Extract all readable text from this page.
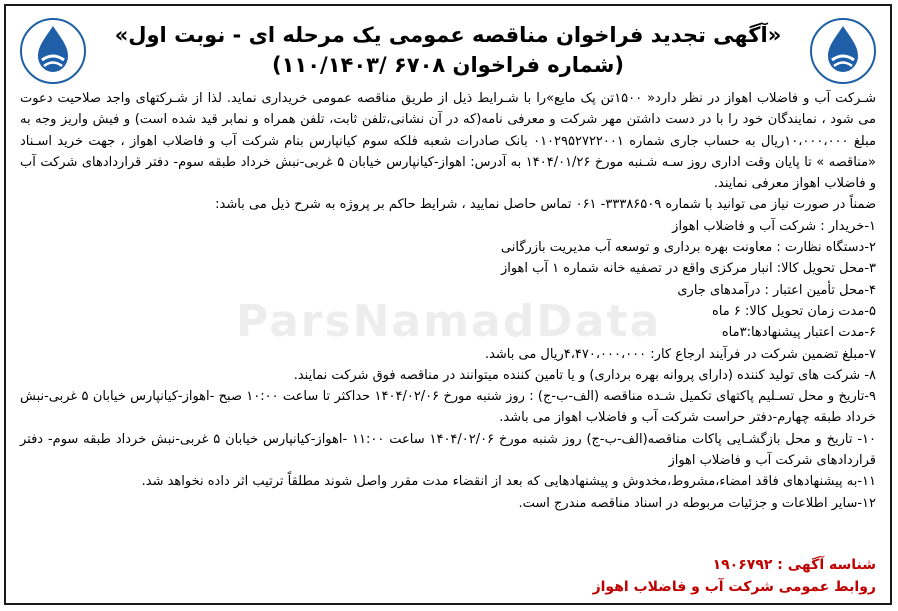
ParsNamadData
«آگهی تجدید فراخوان مناقصه عمومی یک مرحله ای - نوبت اول»
(شماره فراخوان ۶۷۰۸ /۱۱۰/۱۴۰۳)

شـرکت آب و فاضلاب اهواز در نظر دارد« ۱۵۰۰تن پک مایع»را با شـرایط ذیل از طریق مناقصه عمومی خریداری نماید. لذا از شـرکتهای واجد صلاحیت دعوت می شود ، نمایندگان خود را با در دست داشتن مهر شرکت و معرفی نامه(که در آن نشانی،تلفن ثابت، تلفن همراه و نمابر قید شده است) و فیش واریز وجه به مبلغ ۱۰،۰۰۰،۰۰۰ریال به حساب جاری شماره ۰۱۰۲۹۵۲۷۲۲۰۰۱ بانک صادرات شعبه فلکه سوم کیانپارس بنام شرکت آب و فاضلاب اهواز ، جهت خرید اسـناد «مناقصه » تا پایان وقت اداری روز سـه شـنبه مورخ ۱۴۰۴/۰۱/۲۶ به آدرس: اهواز-کیانپارس خیابان ۵ غربی-نبش خرداد طبقه سوم- دفتر قراردادهای شرکت آب و فاضلاب اهواز معرفی نمایند.

ضمناً در صورت نیاز می توانید با شماره ۳۳۳۸۶۵۰۹- ۰۶۱ تماس حاصل نمایید ، شرایط حاکم بر پروژه به شرح ذیل می باشد:

۱-خریدار : شرکت آب و فاضلاب اهواز

۲-دستگاه نظارت : معاونت بهره برداری و توسعه آب مدیریت بازرگانی

۳-محل تحویل کالا: انبار مرکزی واقع در تصفیه خانه شماره ۱ آب اهواز

۴-محل تأمین اعتبار : درآمدهای جاری

۵-مدت زمان تحویل کالا: ۶ ماه

۶-مدت اعتبار پیشنهادها:۳ماه

۷-مبلغ تضمین شرکت در فرآیند ارجاع کار: ۴،۴۷۰،۰۰۰،۰۰۰ریال می باشد.

۸- شرکت های تولید کننده (دارای پروانه بهره برداری) و یا تامین کننده میتوانند در مناقصه فوق شرکت نمایند.

۹-تاریخ و محل تسـلیم پاکتهای تکمیل شـده مناقصه (الف-ب-ج) : روز شنبه مورخ ۱۴۰۴/۰۲/۰۶ حداکثر تا ساعت ۱۰:۰۰ صبح -اهواز-کیانپارس خیابان ۵ غربی-نبش خرداد طبقه چهارم-دفتر حراست شرکت آب و فاضلاب اهواز می باشد.

۱۰- تاریخ و محل بازگشـایی پاکات مناقصه(الف-ب-ج) روز شنبه مورخ ۱۴۰۴/۰۲/۰۶ ساعت ۱۱:۰۰ -اهواز-کیانپارس خیابان ۵ غربی-نبش خرداد طبقه سوم- دفتر قراردادهای شرکت آب و فاضلاب اهواز

۱۱-به پیشنهادهای فاقد امضاء،مشروط،مخدوش و پیشنهادهایی که بعد از انقضاء مدت مقرر واصل شوند مطلقاً ترتیب اثر داده نخواهد شد.

۱۲-سایر اطلاعات و جزئیات مربوطه در اسناد مناقصه مندرج است.

شناسه آگهی : ۱۹۰۶۷۹۲
روابط عمومی شرکت آب و فاضلاب اهواز
